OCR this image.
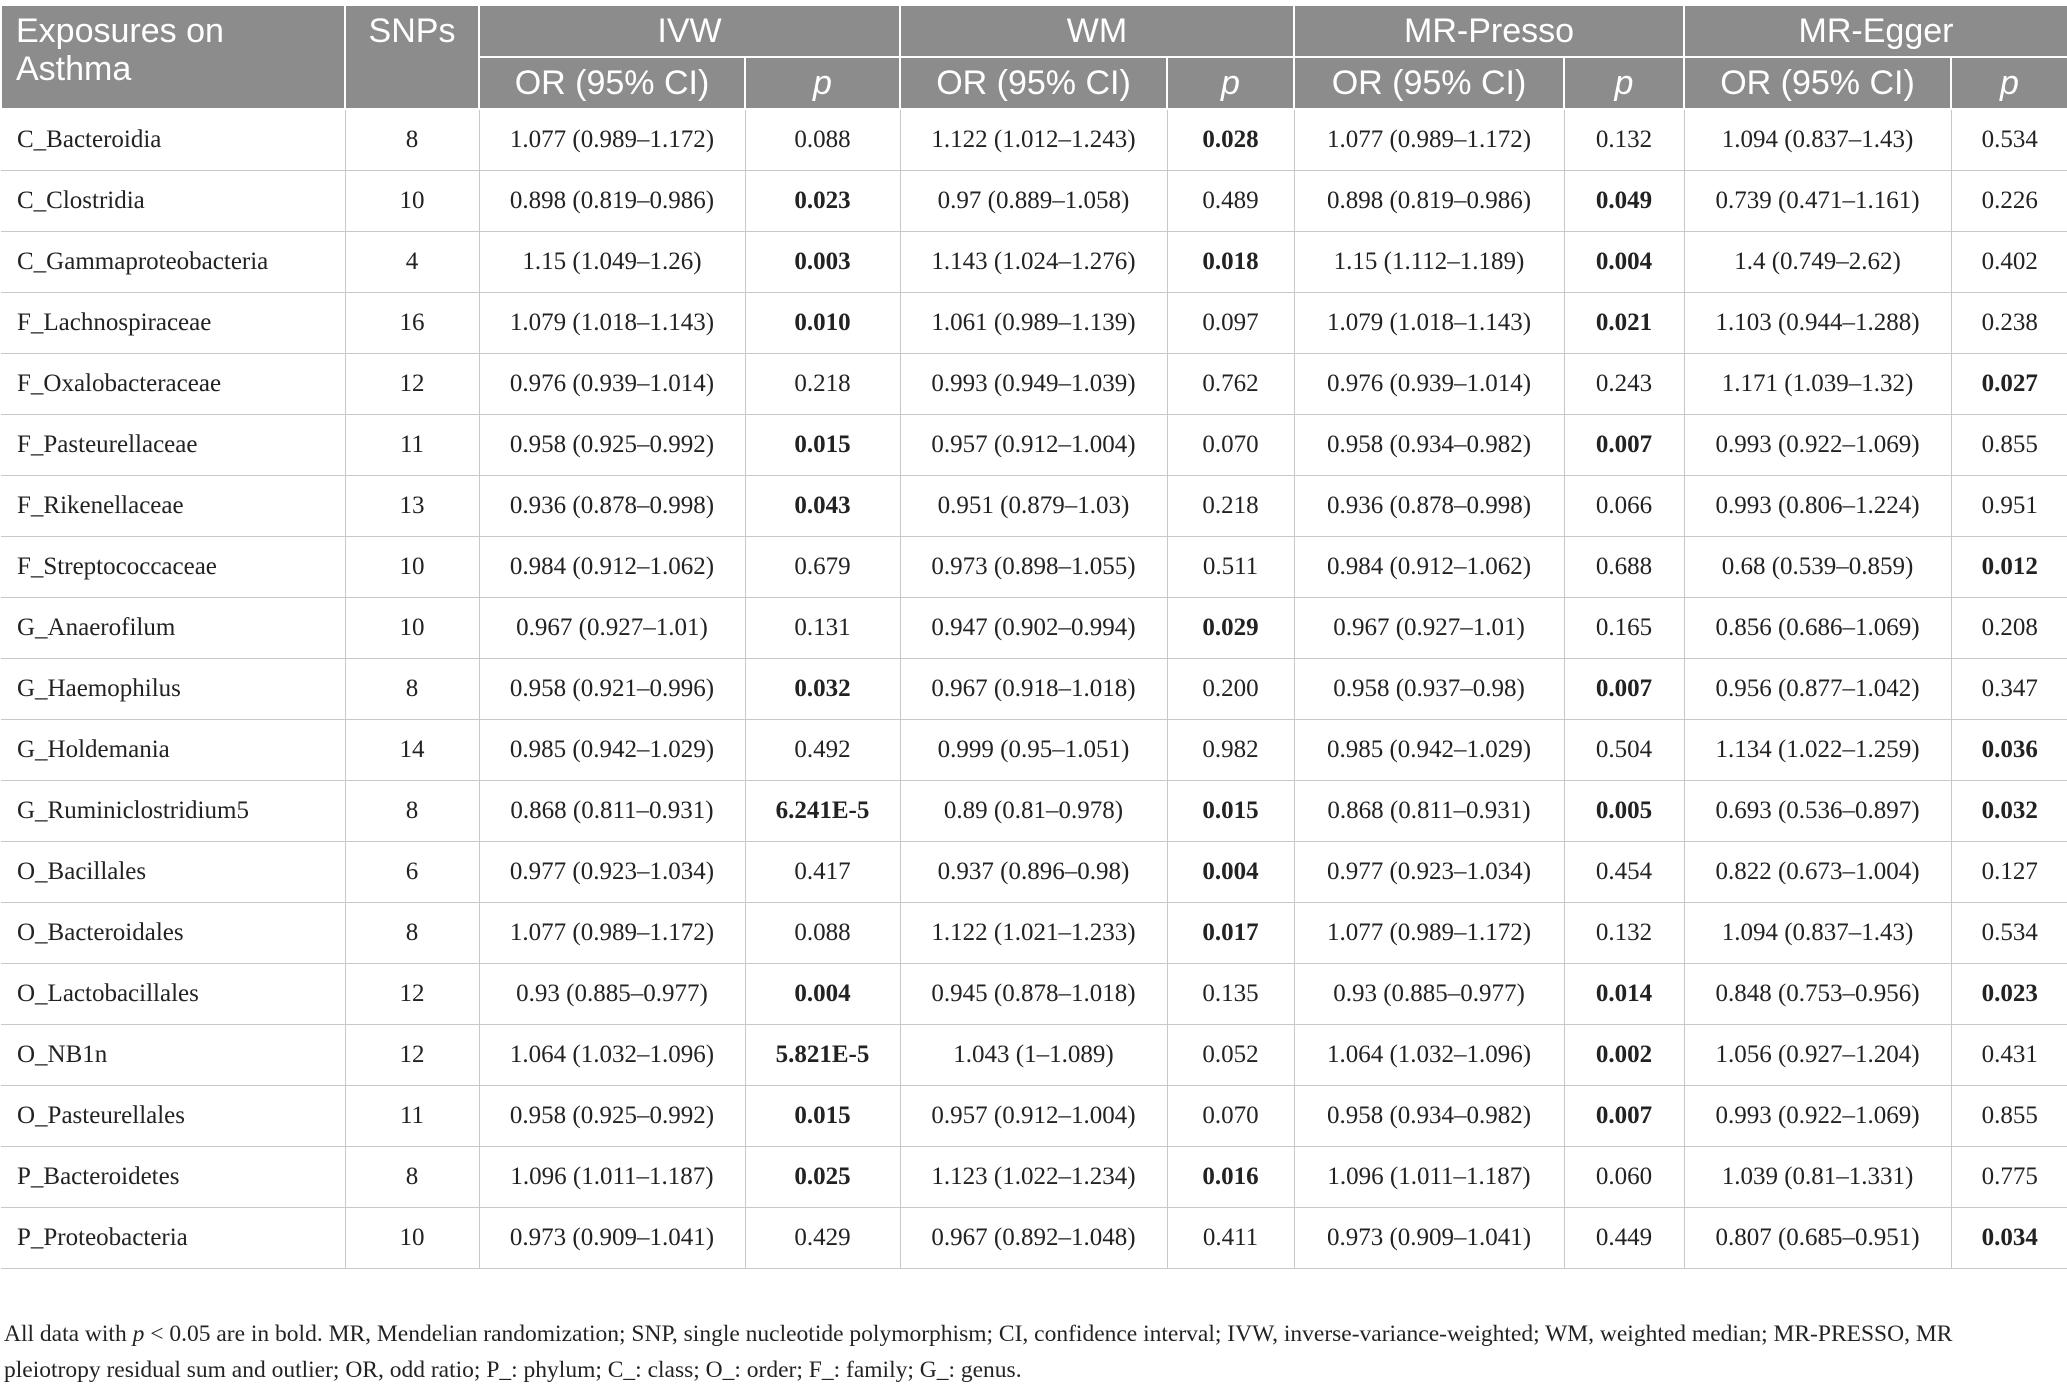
Exposures on Asthma	SNPs	IVW		WM		MR-Presso		MR-Egger	
		OR (95% CI)	p	OR (95% CI)	p	OR (95% CI)	p	OR (95% CI)	p
C_Bacteroidia	8	1.077 (0.989–1.172)	0.088	1.122 (1.012–1.243)	0.028	1.077 (0.989–1.172)	0.132	1.094 (0.837–1.43)	0.534
C_Clostridia	10	0.898 (0.819–0.986)	0.023	0.97 (0.889–1.058)	0.489	0.898 (0.819–0.986)	0.049	0.739 (0.471–1.161)	0.226
C_Gammaproteobacteria	4	1.15 (1.049–1.26)	0.003	1.143 (1.024–1.276)	0.018	1.15 (1.112–1.189)	0.004	1.4 (0.749–2.62)	0.402
F_Lachnospiraceae	16	1.079 (1.018–1.143)	0.010	1.061 (0.989–1.139)	0.097	1.079 (1.018–1.143)	0.021	1.103 (0.944–1.288)	0.238
F_Oxalobacteraceae	12	0.976 (0.939–1.014)	0.218	0.993 (0.949–1.039)	0.762	0.976 (0.939–1.014)	0.243	1.171 (1.039–1.32)	0.027
F_Pasteurellaceae	11	0.958 (0.925–0.992)	0.015	0.957 (0.912–1.004)	0.070	0.958 (0.934–0.982)	0.007	0.993 (0.922–1.069)	0.855
F_Rikenellaceae	13	0.936 (0.878–0.998)	0.043	0.951 (0.879–1.03)	0.218	0.936 (0.878–0.998)	0.066	0.993 (0.806–1.224)	0.951
F_Streptococcaceae	10	0.984 (0.912–1.062)	0.679	0.973 (0.898–1.055)	0.511	0.984 (0.912–1.062)	0.688	0.68 (0.539–0.859)	0.012
G_Anaerofilum	10	0.967 (0.927–1.01)	0.131	0.947 (0.902–0.994)	0.029	0.967 (0.927–1.01)	0.165	0.856 (0.686–1.069)	0.208
G_Haemophilus	8	0.958 (0.921–0.996)	0.032	0.967 (0.918–1.018)	0.200	0.958 (0.937–0.98)	0.007	0.956 (0.877–1.042)	0.347
G_Holdemania	14	0.985 (0.942–1.029)	0.492	0.999 (0.95–1.051)	0.982	0.985 (0.942–1.029)	0.504	1.134 (1.022–1.259)	0.036
G_Ruminiclostridium5	8	0.868 (0.811–0.931)	6.241E-5	0.89 (0.81–0.978)	0.015	0.868 (0.811–0.931)	0.005	0.693 (0.536–0.897)	0.032
O_Bacillales	6	0.977 (0.923–1.034)	0.417	0.937 (0.896–0.98)	0.004	0.977 (0.923–1.034)	0.454	0.822 (0.673–1.004)	0.127
O_Bacteroidales	8	1.077 (0.989–1.172)	0.088	1.122 (1.021–1.233)	0.017	1.077 (0.989–1.172)	0.132	1.094 (0.837–1.43)	0.534
O_Lactobacillales	12	0.93 (0.885–0.977)	0.004	0.945 (0.878–1.018)	0.135	0.93 (0.885–0.977)	0.014	0.848 (0.753–0.956)	0.023
O_NB1n	12	1.064 (1.032–1.096)	5.821E-5	1.043 (1–1.089)	0.052	1.064 (1.032–1.096)	0.002	1.056 (0.927–1.204)	0.431
O_Pasteurellales	11	0.958 (0.925–0.992)	0.015	0.957 (0.912–1.004)	0.070	0.958 (0.934–0.982)	0.007	0.993 (0.922–1.069)	0.855
P_Bacteroidetes	8	1.096 (1.011–1.187)	0.025	1.123 (1.022–1.234)	0.016	1.096 (1.011–1.187)	0.060	1.039 (0.81–1.331)	0.775
P_Proteobacteria	10	0.973 (0.909–1.041)	0.429	0.967 (0.892–1.048)	0.411	0.973 (0.909–1.041)	0.449	0.807 (0.685–0.951)	0.034
All data with p < 0.05 are in bold. MR, Mendelian randomization; SNP, single nucleotide polymorphism; CI, confidence interval; IVW, inverse-variance-weighted; WM, weighted median; MR-PRESSO, MR pleiotropy residual sum and outlier; OR, odd ratio; P_: phylum; C_: class; O_: order; F_: family; G_: genus.
